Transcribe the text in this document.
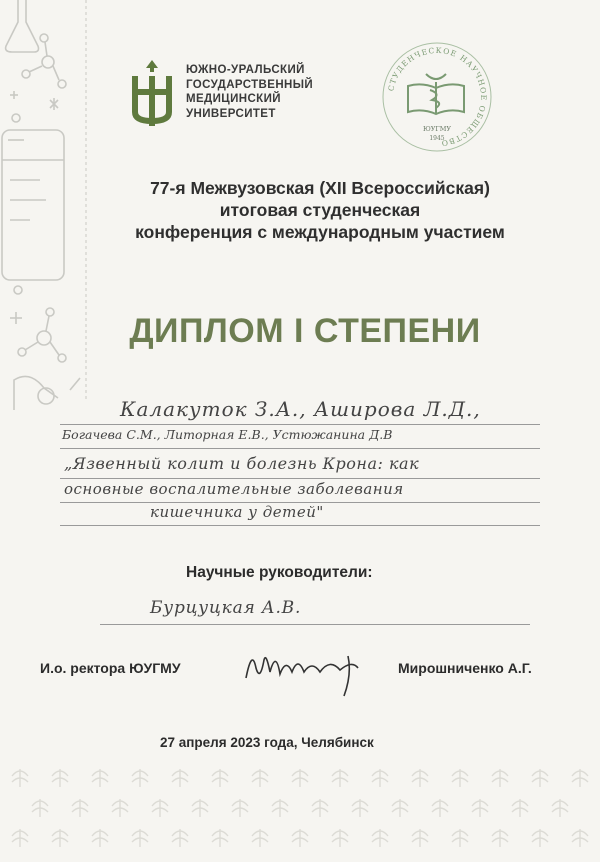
ЮЖНО-УРАЛЬСКИЙ
ГОСУДАРСТВЕННЫЙ
МЕДИЦИНСКИЙ
УНИВЕРСИТЕТ
СТУДЕНЧЕСКОЕ НАУЧНОЕ ОБЩЕСТВО
ЮУГМУ
1945
77-я Межвузовская (XII Всероссийская)
итоговая студенческая
конференция с международным участием
ДИПЛОМ I СТЕПЕНИ
Калакуток З.А., Аширова Л.Д.,
Богачева С.М., Литорная Е.В., Устюжанина Д.В
„Язвенный колит и болезнь Крона: как
основные воспалительные заболевания
кишечника у детей"
Научные руководители:
Бурцуцкая А.В.
И.о. ректора ЮУГМУ	Мирошниченко А.Г.
27 апреля 2023 года, Челябинск
